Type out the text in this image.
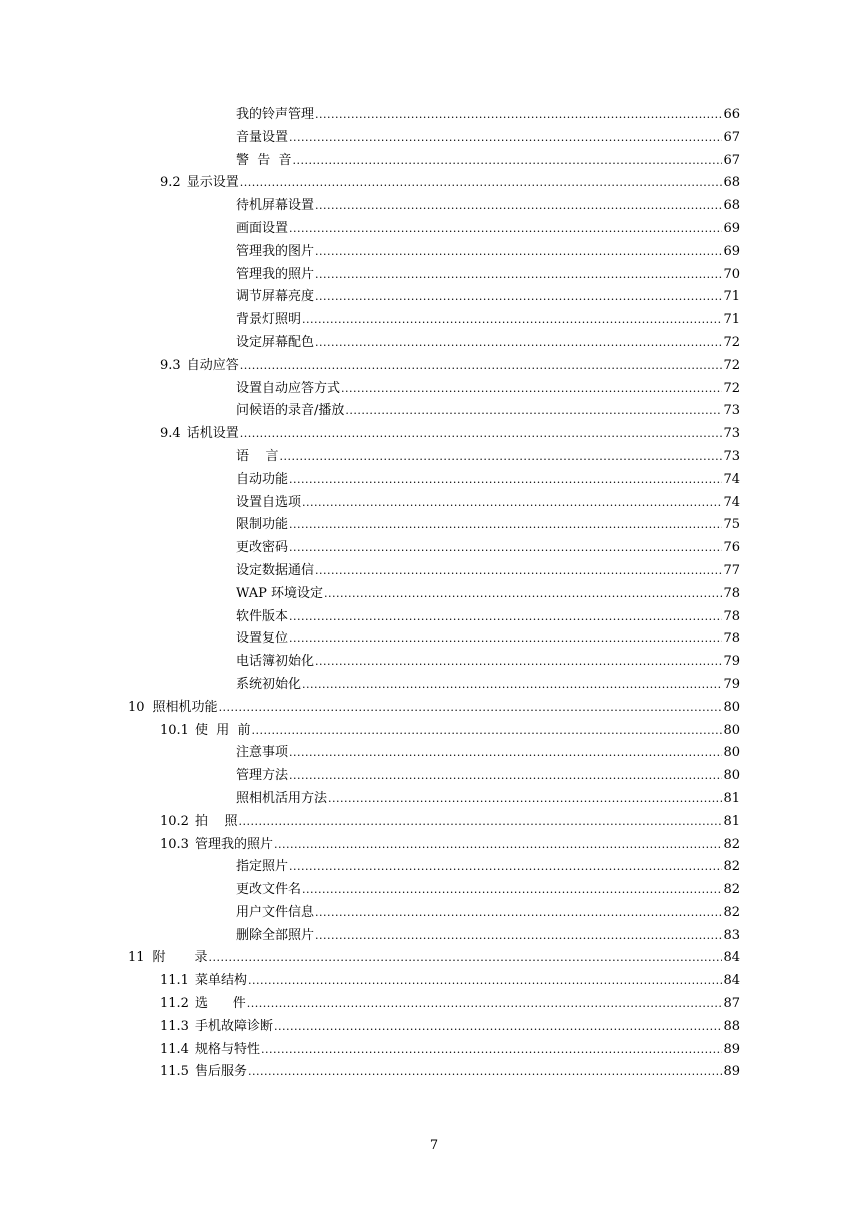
我的铃声管理 .....	66
音量设置 .....	67
警  告  音 .....	67
9.2 显示设置 .....	68
待机屏幕设置 .....	68
画面设置 .....	69
管理我的图片 .....	69
管理我的照片 .....	70
调节屏幕亮度 .....	71
背景灯照明 .....	71
设定屏幕配色 .....	72
9.3 自动应答 .....	72
设置自动应答方式 .....	72
问候语的录音/播放 .....	73
9.4 话机设置 .....	73
语    言 .....	73
自动功能 .....	74
设置自选项 .....	74
限制功能 .....	75
更改密码 .....	76
设定数据通信 .....	77
WAP 环境设定 .....	78
软件版本 .....	78
设置复位 .....	78
电话簿初始化 .....	79
系统初始化 .....	79
10 照相机功能 .....	80
10.1 使  用  前 .....	80
注意事项 .....	80
管理方法 .....	80
照相机活用方法 .....	81
10.2 拍    照 .....	81
10.3 管理我的照片 .....	82
指定照片 .....	82
更改文件名 .....	82
用户文件信息 .....	82
删除全部照片 .....	83
11 附       录 .....	84
11.1 菜单结构 .....	84
11.2 选      件 .....	87
11.3 手机故障诊断 .....	88
11.4 规格与特性 .....	89
11.5 售后服务 .....	89
7
